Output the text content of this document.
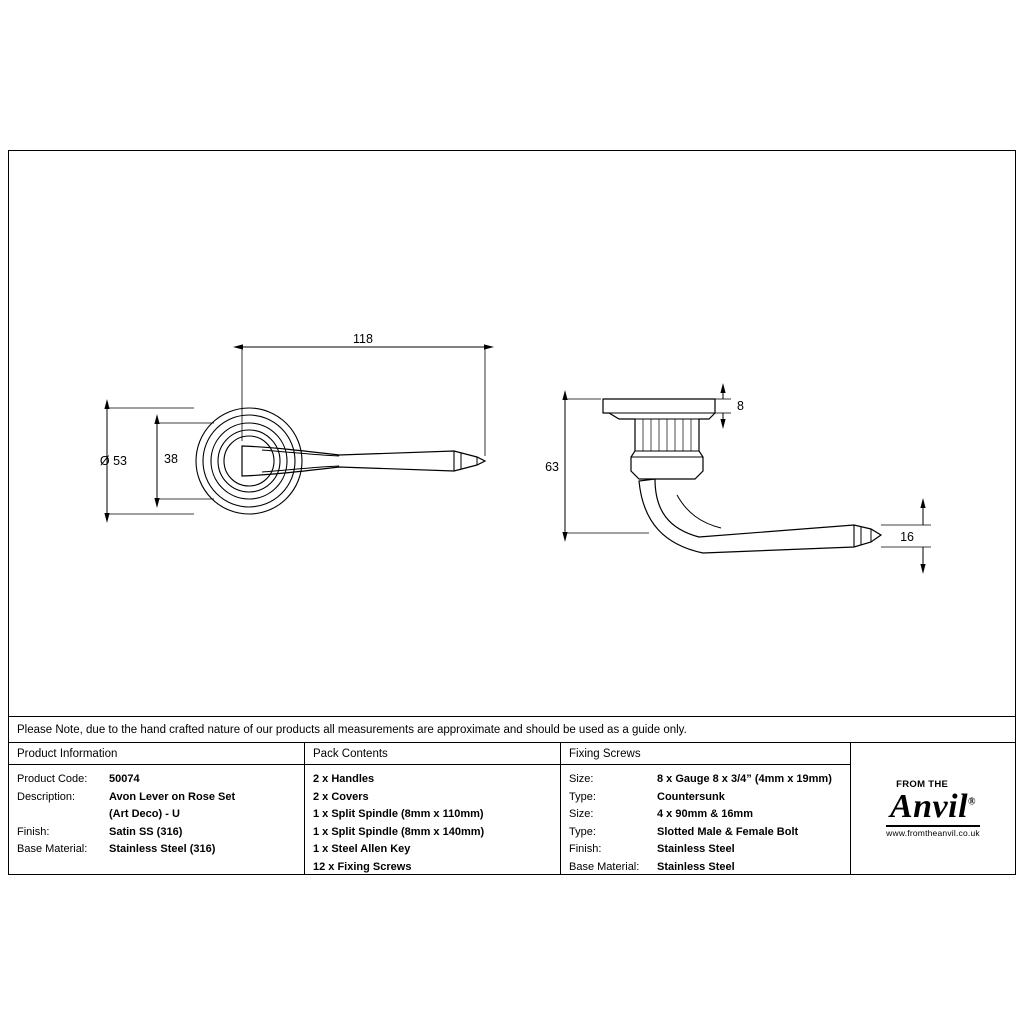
118
Ø 53	38
8
63
16
Please Note, due to the hand crafted nature of our products all measurements are approximate and should be used as a guide only.
Product Information
Product Code:	50074
Description:	Avon Lever on Rose Set
(Art Deco) - U
Finish:	Satin SS (316)
Base Material:	Stainless Steel (316)
Pack Contents
2 x Handles
2 x Covers
1 x Split Spindle (8mm x 110mm)
1 x Split Spindle (8mm x 140mm)
1 x Steel Allen Key
12 x Fixing Screws
Fixing Screws
Size:	8 x Gauge 8 x 3/4” (4mm x 19mm)
Type:	Countersunk
Size:	4 x 90mm & 16mm
Type:	Slotted Male & Female Bolt
Finish:	Stainless Steel
Base Material:	Stainless Steel
FROM THE
Anvil®
www.fromtheanvil.co.uk
